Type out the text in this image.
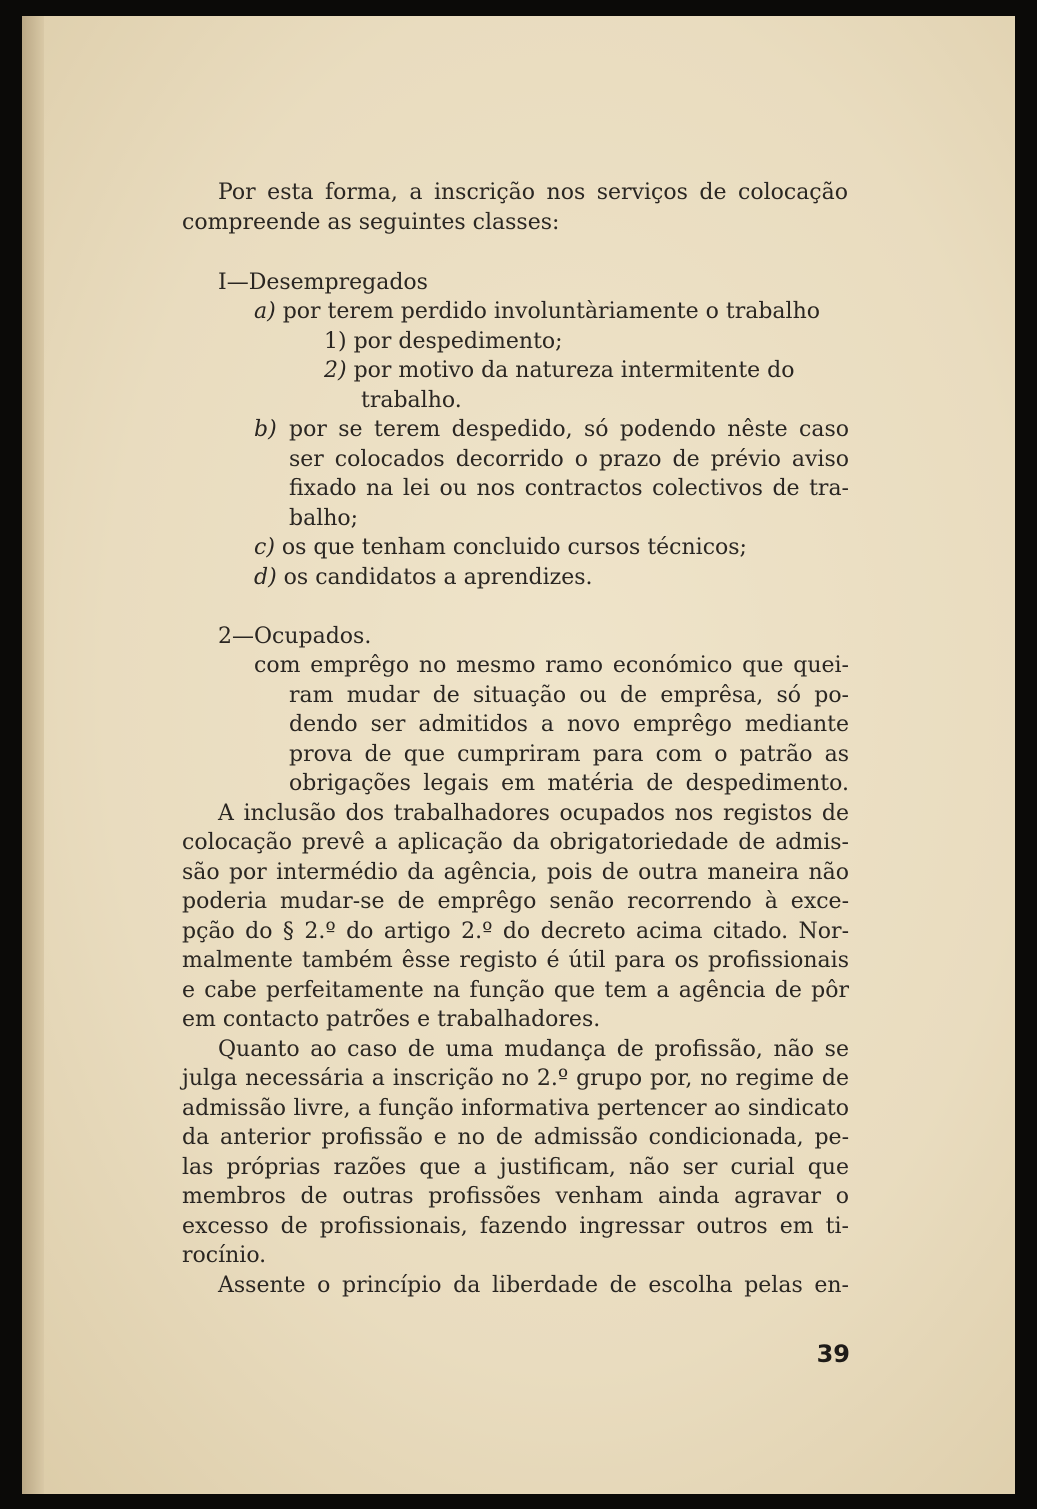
Por esta forma, a inscrição nos serviços de colocação
compreende as seguintes classes:
I—Desempregados
a) por terem perdido involuntàriamente o trabalho
1) por despedimento;
2) por motivo da natureza intermitente do
trabalho.
b) por se terem despedido, só podendo nêste caso
ser colocados decorrido o prazo de prévio aviso
fixado na lei ou nos contractos colectivos de tra-
balho;
c) os que tenham concluido cursos técnicos;
d) os candidatos a aprendizes.
2—Ocupados.
com emprêgo no mesmo ramo económico que quei-
ram mudar de situação ou de emprêsa, só po-
dendo ser admitidos a novo emprêgo mediante
prova de que cumpriram para com o patrão as
obrigações legais em matéria de despedimento.
A inclusão dos trabalhadores ocupados nos registos de
colocação prevê a aplicação da obrigatoriedade de admis-
são por intermédio da agência, pois de outra maneira não
poderia mudar-se de emprêgo senão recorrendo à exce-
pção do § 2.º do artigo 2.º do decreto acima citado. Nor-
malmente também êsse registo é útil para os profissionais
e cabe perfeitamente na função que tem a agência de pôr
em contacto patrões e trabalhadores.
Quanto ao caso de uma mudança de profissão, não se
julga necessária a inscrição no 2.º grupo por, no regime de
admissão livre, a função informativa pertencer ao sindicato
da anterior profissão e no de admissão condicionada, pe-
las próprias razões que a justificam, não ser curial que
membros de outras profissões venham ainda agravar o
excesso de profissionais, fazendo ingressar outros em ti-
rocínio.
Assente o princípio da liberdade de escolha pelas en-
39
